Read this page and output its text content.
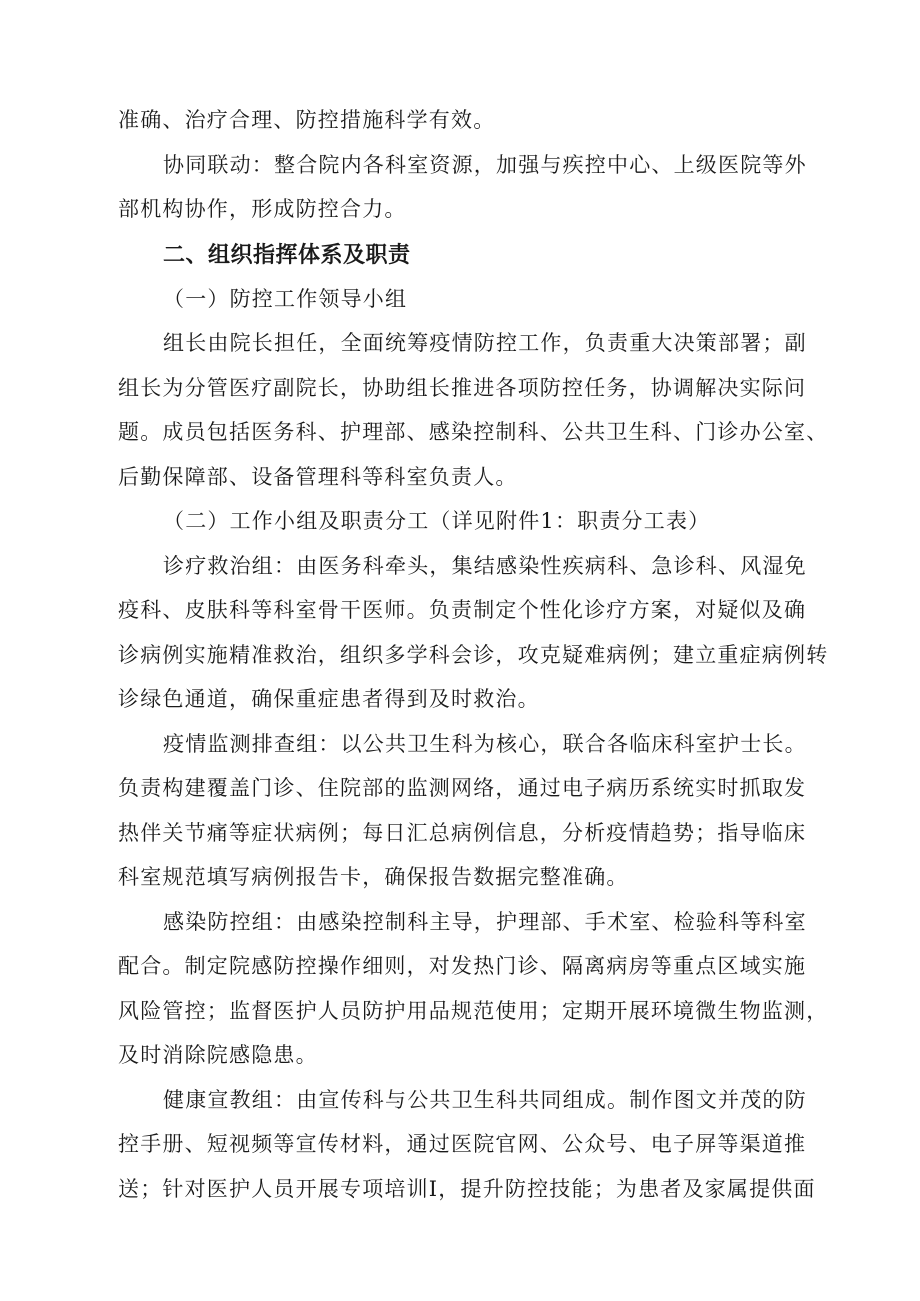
准确、治疗合理、防控措施科学有效。

协同联动：整合院内各科室资源，加强与疾控中心、上级医院等外

部机构协作，形成防控合力。

二、组织指挥体系及职责

（一）防控工作领导小组

组长由院长担任，全面统筹疫情防控工作，负责重大决策部署；副

组长为分管医疗副院长，协助组长推进各项防控任务，协调解决实际问

题。成员包括医务科、护理部、感染控制科、公共卫生科、门诊办公室、

后勤保障部、设备管理科等科室负责人。

（二）工作小组及职责分工（详见附件1：职责分工表）

诊疗救治组：由医务科牵头，集结感染性疾病科、急诊科、风湿免

疫科、皮肤科等科室骨干医师。负责制定个性化诊疗方案，对疑似及确

诊病例实施精准救治，组织多学科会诊，攻克疑难病例；建立重症病例转

诊绿色通道，确保重症患者得到及时救治。

疫情监测排查组：以公共卫生科为核心，联合各临床科室护士长。

负责构建覆盖门诊、住院部的监测网络，通过电子病历系统实时抓取发

热伴关节痛等症状病例；每日汇总病例信息，分析疫情趋势；指导临床

科室规范填写病例报告卡，确保报告数据完整准确。

感染防控组：由感染控制科主导，护理部、手术室、检验科等科室

配合。制定院感防控操作细则，对发热门诊、隔离病房等重点区域实施

风险管控；监督医护人员防护用品规范使用；定期开展环境微生物监测，

及时消除院感隐患。

健康宣教组：由宣传科与公共卫生科共同组成。制作图文并茂的防

控手册、短视频等宣传材料，通过医院官网、公众号、电子屏等渠道推

送；针对医护人员开展专项培训I，提升防控技能；为患者及家属提供面
